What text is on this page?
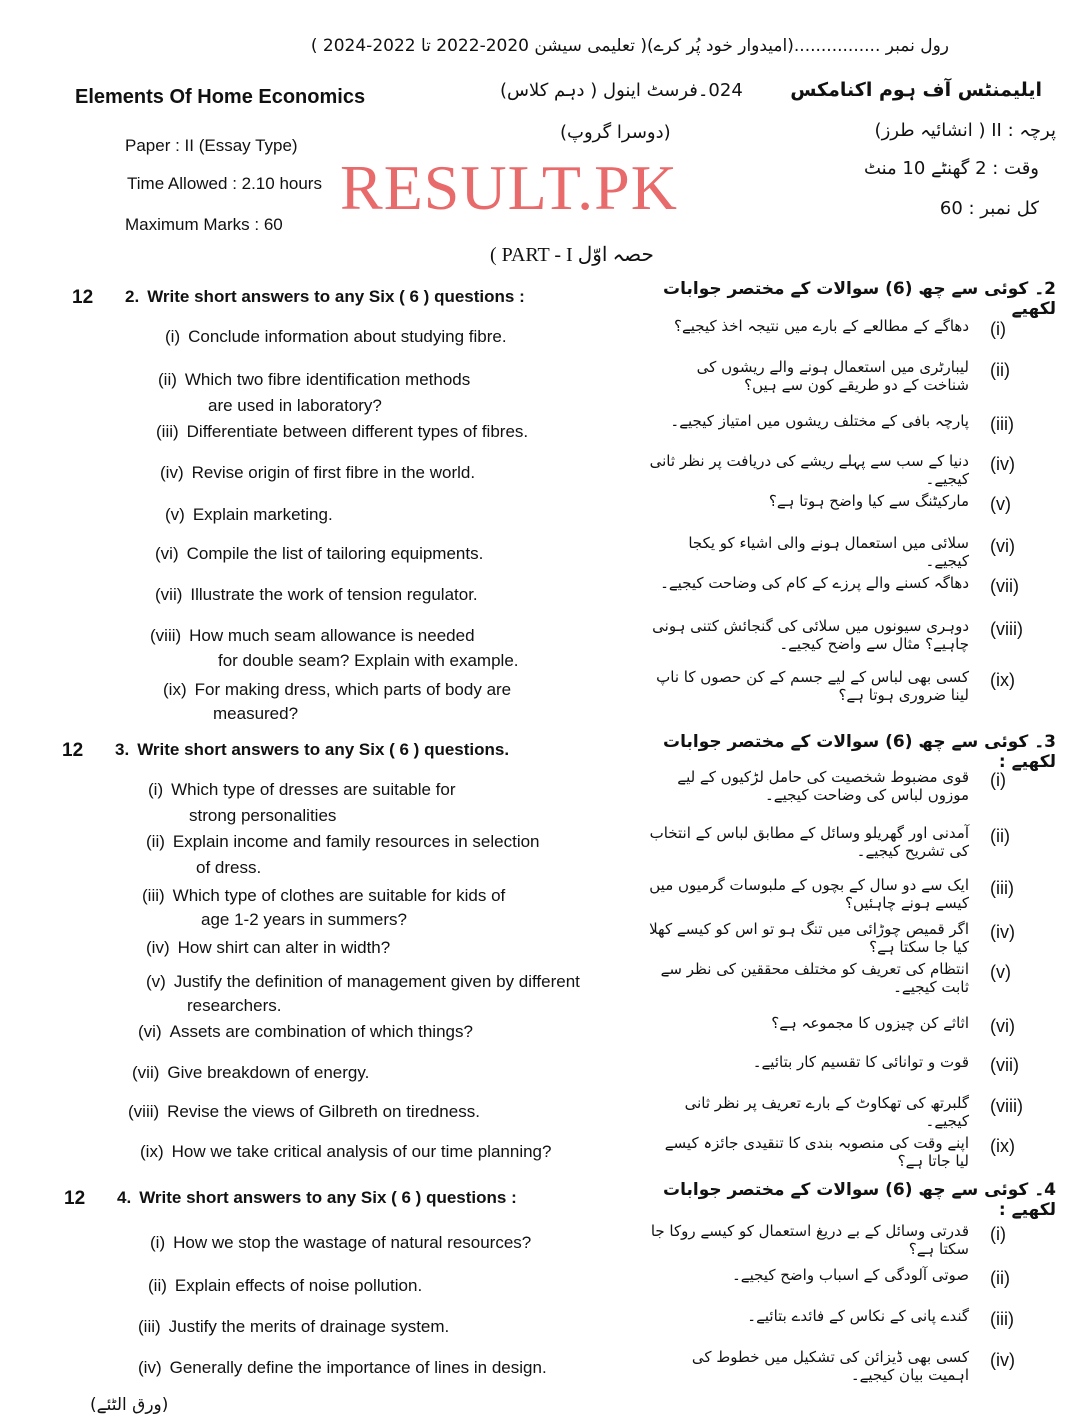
رول نمبر ................(امیدوار خود پُر کرے)( تعلیمی سیشن 2020-2022 تا 2022-2024 )
Elements Of Home Economics	024۔فرسٹ اینول ( دہم کلاس) ایلیمنٹس آف ہوم اکنامکس
(دوسرا گروپ)
Paper : II (Essay Type)
Time Allowed : 2.10 hours
Maximum Marks : 60
پرچہ : II ( انشائیہ طرز)
وقت : 2 گھنٹے 10 منٹ
کل نمبر : 60
( PART - I حصہ اوّل
RESULT.PK
12 2. Write short answers to any Six ( 6 ) questions :	2۔ کوئی سے چھ (6) سوالات کے مختصر جوابات لکھیے
(i) Conclude information about studying fibre.	(i)
دھاگے کے مطالعے کے بارے میں نتیجہ اخذ کیجیے؟
(ii) Which two fibre identification methods
are used in laboratory?
(ii)
لیبارٹری میں استعمال ہونے والے ریشوں کی شناخت کے دو طریقے کون سے ہیں؟
(iii) Differentiate between different types of fibres.	(iii)
پارچہ بافی کے مختلف ریشوں میں امتیاز کیجیے۔
(iv) Revise origin of first fibre in the world.	(iv)
دنیا کے سب سے پہلے ریشے کی دریافت پر نظر ثانی کیجیے۔
(v) Explain marketing.
(v)
مارکیٹنگ سے کیا واضح ہوتا ہے؟
(vi) Compile the list of tailoring equipments.	(vi)
سلائی میں استعمال ہونے والی اشیاء کو یکجا کیجیے۔
(vii) Illustrate the work of tension regulator.	(vii)
دھاگہ کسنے والے پرزے کے کام کی وضاحت کیجیے۔
(viii) How much seam allowance is needed
for double seam? Explain with example.
(viii)
دوہری سیونوں میں سلائی کی گنجائش کتنی ہونی چاہیے؟ مثال سے واضح کیجیے۔
(ix) For making dress, which parts of body are
measured?
(ix)
کسی بھی لباس کے لیے جسم کے کن حصوں کا ناپ لینا ضروری ہوتا ہے؟
12 3. Write short answers to any Six ( 6 ) questions.	3۔ کوئی سے چھ (6) سوالات کے مختصر جوابات لکھیے :
(i) Which type of dresses are suitable for
strong personalities
(i)
قوی مضبوط شخصیت کی حامل لڑکیوں کے لیے موزوں لباس کی وضاحت کیجیے۔
(ii) Explain income and family resources in selection
of dress.
(ii)
آمدنی اور گھریلو وسائل کے مطابق لباس کے انتخاب کی تشریح کیجیے۔
(iii) Which type of clothes are suitable for kids of
age 1-2 years in summers?
(iii)
ایک سے دو سال کے بچوں کے ملبوسات گرمیوں میں کیسے ہونے چاہئیں؟
(iv) How shirt can alter in width?
(iv)
اگر قمیص چوڑائی میں تنگ ہو تو اس کو کیسے کھلا کیا جا سکتا ہے؟
(v) Justify the definition of management given by different
researchers.
(v)
انتظام کی تعریف کو مختلف محققین کی نظر سے ثابت کیجیے۔
(vi) Assets are combination of which things?	(vi)
اثاثے کن چیزوں کا مجموعہ ہے؟
(vii) Give breakdown of energy.	(vii)
قوت و توانائی کا تقسیم کار بتائیے۔
(viii) Revise the views of Gilbreth on tiredness.	(viii)
گلبرتھ کی تھکاوٹ کے بارے تعریف پر نظر ثانی کیجیے۔
(ix) How we take critical analysis of our time planning?	(ix)
اپنے وقت کی منصوبہ بندی کا تنقیدی جائزہ کیسے لیا جاتا ہے؟
12 4. Write short answers to any Six ( 6 ) questions :	4۔ کوئی سے چھ (6) سوالات کے مختصر جوابات لکھیے :
(i) How we stop the wastage of natural resources?	(i)
قدرتی وسائل کے بے دریغ استعمال کو کیسے روکا جا سکتا ہے؟
(ii) Explain effects of noise pollution.	(ii)
صوتی آلودگی کے اسباب واضح کیجیے۔
(iii) Justify the merits of drainage system.	(iii)
گندے پانی کے نکاس کے فائدے بتائیے۔
(iv) Generally define the importance of lines in design.	(iv)
کسی بھی ڈیزائن کی تشکیل میں خطوط کی اہمیت بیان کیجیے۔
(ورق الٹئے)
